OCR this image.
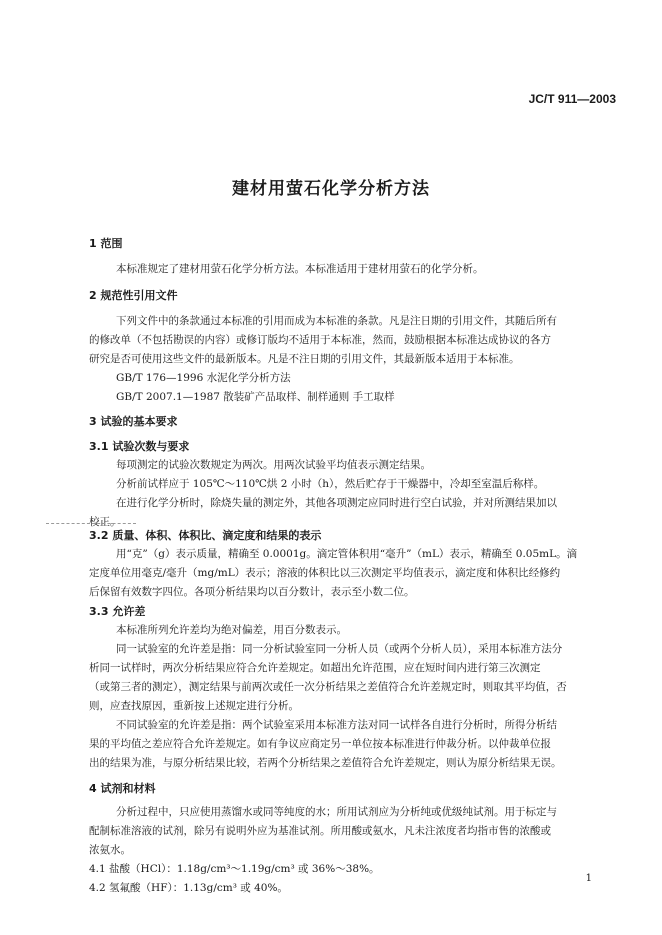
JC/T 911—2003
建材用萤石化学分析方法
1 范围
本标准规定了建材用萤石化学分析方法。本标准适用于建材用萤石的化学分析。
2 规范性引用文件
下列文件中的条款通过本标准的引用而成为本标准的条款。凡是注日期的引用文件，其随后所有
的修改单（不包括勘误的内容）或修订版均不适用于本标准，然而，鼓励根据本标准达成协议的各方
研究是否可使用这些文件的最新版本。凡是不注日期的引用文件，其最新版本适用于本标准。
GB/T 176—1996 水泥化学分析方法
GB/T 2007.1—1987 散装矿产品取样、制样通则 手工取样
3 试验的基本要求
3.1 试验次数与要求
每项测定的试验次数规定为两次。用两次试验平均值表示测定结果。
分析前试样应于 105℃～110℃烘 2 小时（h），然后贮存于干燥器中，冷却至室温后称样。
在进行化学分析时，除烧失量的测定外，其他各项测定应同时进行空白试验，并对所测结果加以
校正。
3.2 质量、体积、体积比、滴定度和结果的表示
用“克”（g）表示质量，精确至 0.0001g。滴定管体积用“毫升”（mL）表示，精确至 0.05mL。滴
定度单位用毫克/毫升（mg/mL）表示；溶液的体积比以三次测定平均值表示，滴定度和体积比经修约
后保留有效数字四位。各项分析结果均以百分数计，表示至小数二位。
3.3 允许差
本标准所列允许差均为绝对偏差，用百分数表示。
同一试验室的允许差是指：同一分析试验室同一分析人员（或两个分析人员），采用本标准方法分
析同一试样时，两次分析结果应符合允许差规定。如超出允许范围，应在短时间内进行第三次测定
（或第三者的测定），测定结果与前两次或任一次分析结果之差值符合允许差规定时，则取其平均值，否
则，应查找原因，重新按上述规定进行分析。
不同试验室的允许差是指：两个试验室采用本标准方法对同一试样各自进行分析时，所得分析结
果的平均值之差应符合允许差规定。如有争议应商定另一单位按本标准进行仲裁分析。以仲裁单位报
出的结果为准，与原分析结果比较，若两个分析结果之差值符合允许差规定，则认为原分析结果无误。
4 试剂和材料
分析过程中，只应使用蒸馏水或同等纯度的水；所用试剂应为分析纯或优级纯试剂。用于标定与
配制标准溶液的试剂，除另有说明外应为基准试剂。所用酸或氨水，凡未注浓度者均指市售的浓酸或
浓氨水。
4.1 盐酸（HCl）：1.18g/cm³～1.19g/cm³ 或 36%～38%。
4.2 氢氟酸（HF）：1.13g/cm³ 或 40%。
1
